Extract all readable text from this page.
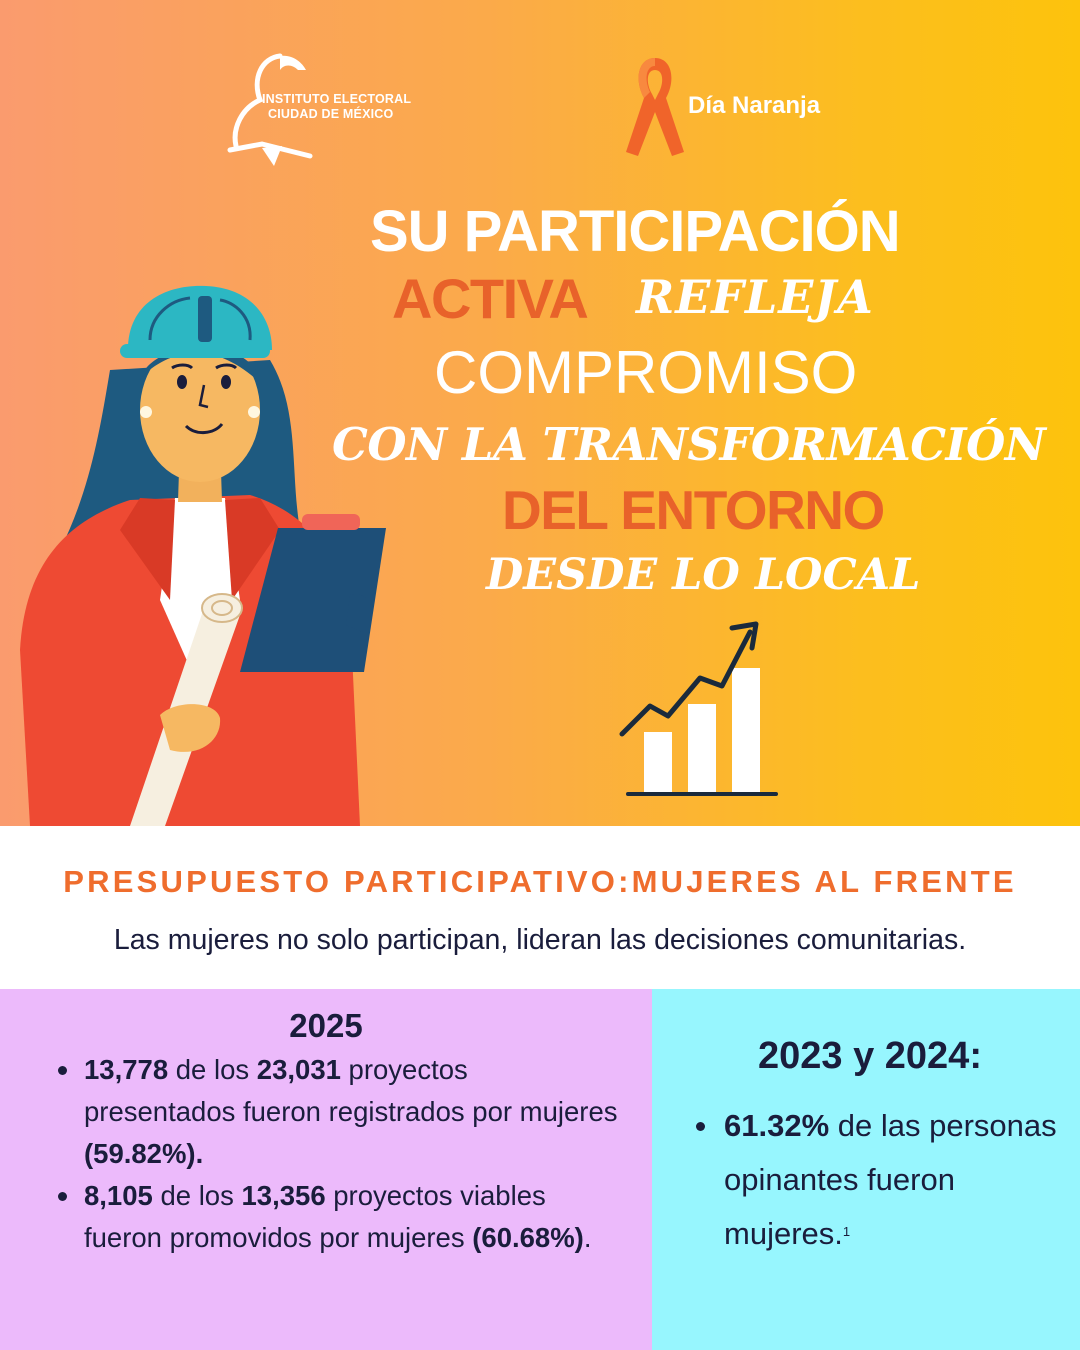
INSTITUTO ELECTORAL
CIUDAD DE MÉXICO	Día Naranja
SU PARTICIPACIÓN
ACTIVA REFLEJA
COMPROMISO
CON LA TRANSFORMACIÓN
DEL ENTORNO
DESDE LO LOCAL
PRESUPUESTO PARTICIPATIVO:MUJERES AL FRENTE
Las mujeres no solo participan, lideran las decisiones comunitarias.
2025
13,778 de los 23,031 proyectos presentados fueron registrados por mujeres (59.82%).
8,105 de los 13,356 proyectos viables fueron promovidos por mujeres (60.68%).
2023 y 2024:
61.32% de las personas opinantes fueron mujeres.$^1$
